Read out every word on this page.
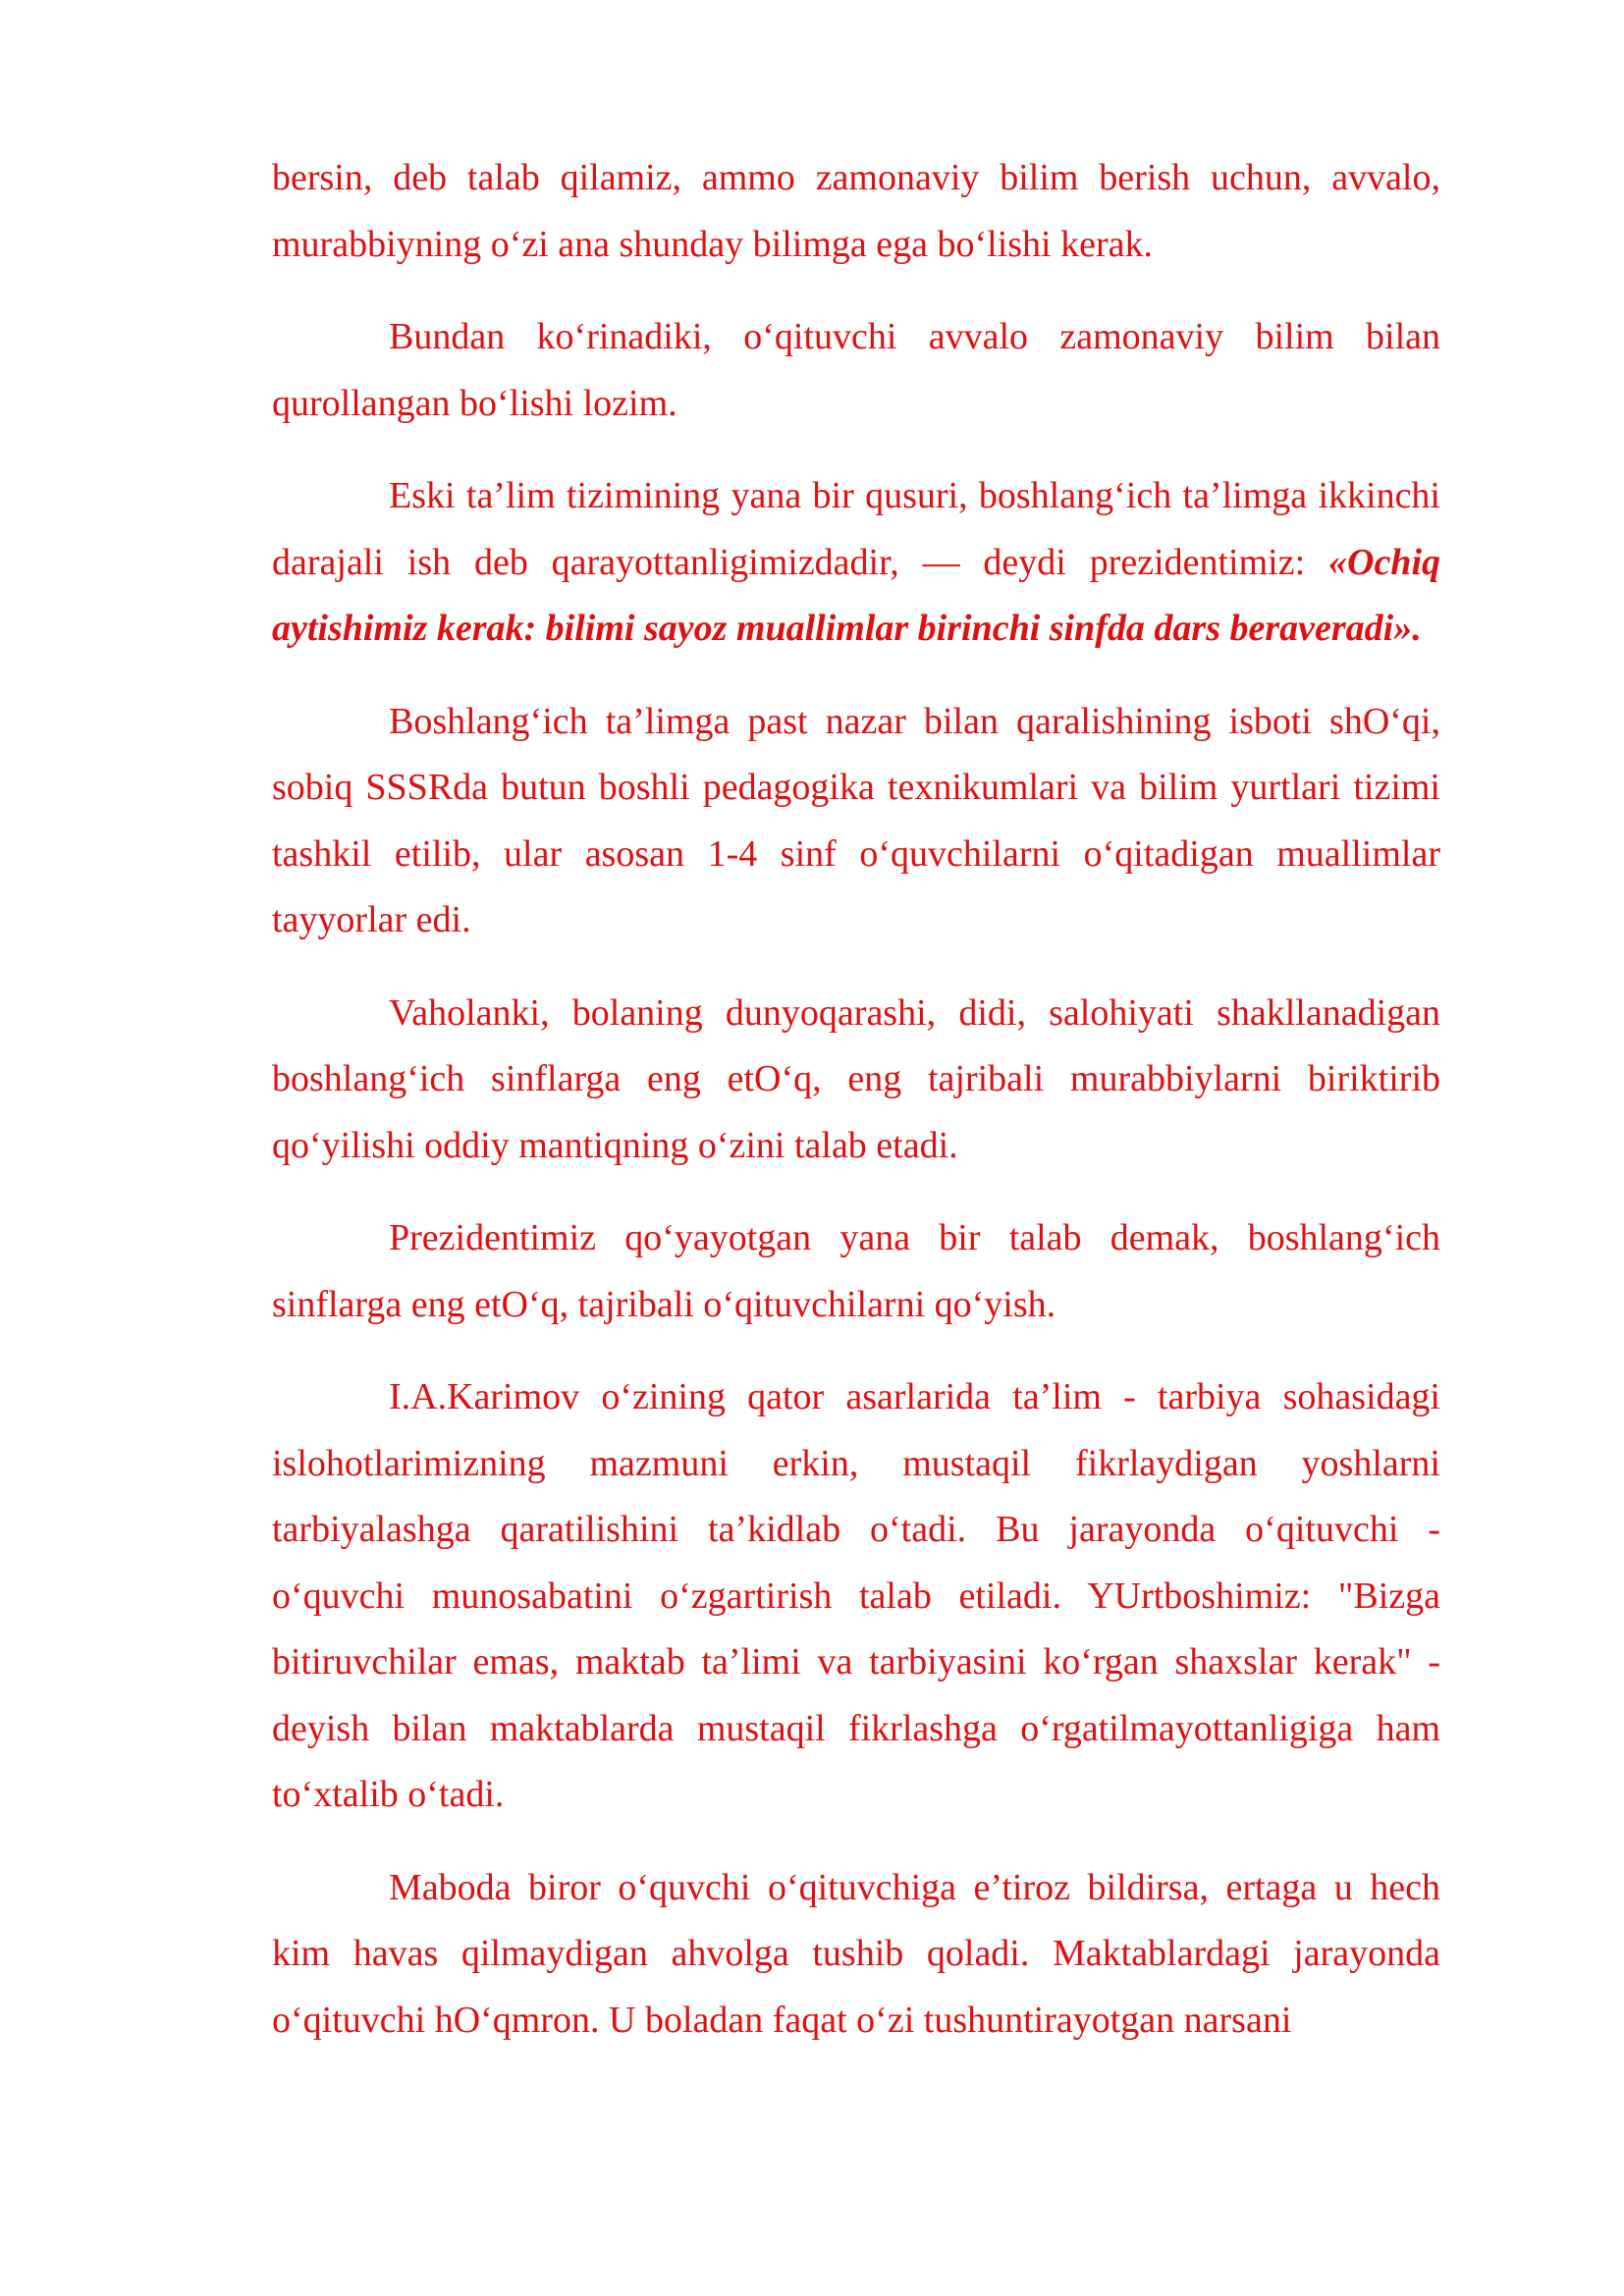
bersin, deb talab qilamiz, ammo zamonaviy bilim berish uchun, avvalo, murabbiyning o‘zi ana shunday bilimga ega bo‘lishi kerak.

Bundan ko‘rinadiki, o‘qituvchi avvalo zamonaviy bilim bilan qurollangan bo‘lishi lozim.

Eski ta’lim tizimining yana bir qusuri, boshlang‘ich ta’limga ikkinchi darajali ish deb qarayottanligimizdadir, — deydi prezidentimiz: «Ochiq aytishimiz kerak: bilimi sayoz muallimlar birinchi sinfda dars beraveradi».

Boshlang‘ich ta’limga past nazar bilan qaralishining isboti shO‘qi, sobiq SSSRda butun boshli pedagogika texnikumlari va bilim yurtlari tizimi tashkil etilib, ular asosan 1-4 sinf o‘quvchilarni o‘qitadigan muallimlar tayyorlar edi.

Vaholanki, bolaning dunyoqarashi, didi, salohiyati shakllanadigan boshlang‘ich sinflarga eng etO‘q, eng tajribali murabbiylarni biriktirib qo‘yilishi oddiy mantiqning o‘zini talab etadi.

Prezidentimiz qo‘yayotgan yana bir talab demak, boshlang‘ich sinflarga eng etO‘q, tajribali o‘qituvchilarni qo‘yish.

I.A.Karimov o‘zining qator asarlarida ta’lim - tarbiya sohasidagi islohotlarimizning mazmuni erkin, mustaqil fikrlaydigan yoshlarni tarbiyalashga qaratilishini ta’kidlab o‘tadi. Bu jarayonda o‘qituvchi - o‘quvchi munosabatini o‘zgartirish talab etiladi. YUrtboshimiz: "Bizga bitiruvchilar emas, maktab ta’limi va tarbiyasini ko‘rgan shaxslar kerak" - deyish bilan maktablarda mustaqil fikrlashga o‘rgatilmayottanligiga ham to‘xtalib o‘tadi.

Maboda biror o‘quvchi o‘qituvchiga e’tiroz bildirsa, ertaga u hech kim havas qilmaydigan ahvolga tushib qoladi. Maktablardagi jarayonda o‘qituvchi hO‘qmron. U boladan faqat o‘zi tushuntirayotgan narsani
